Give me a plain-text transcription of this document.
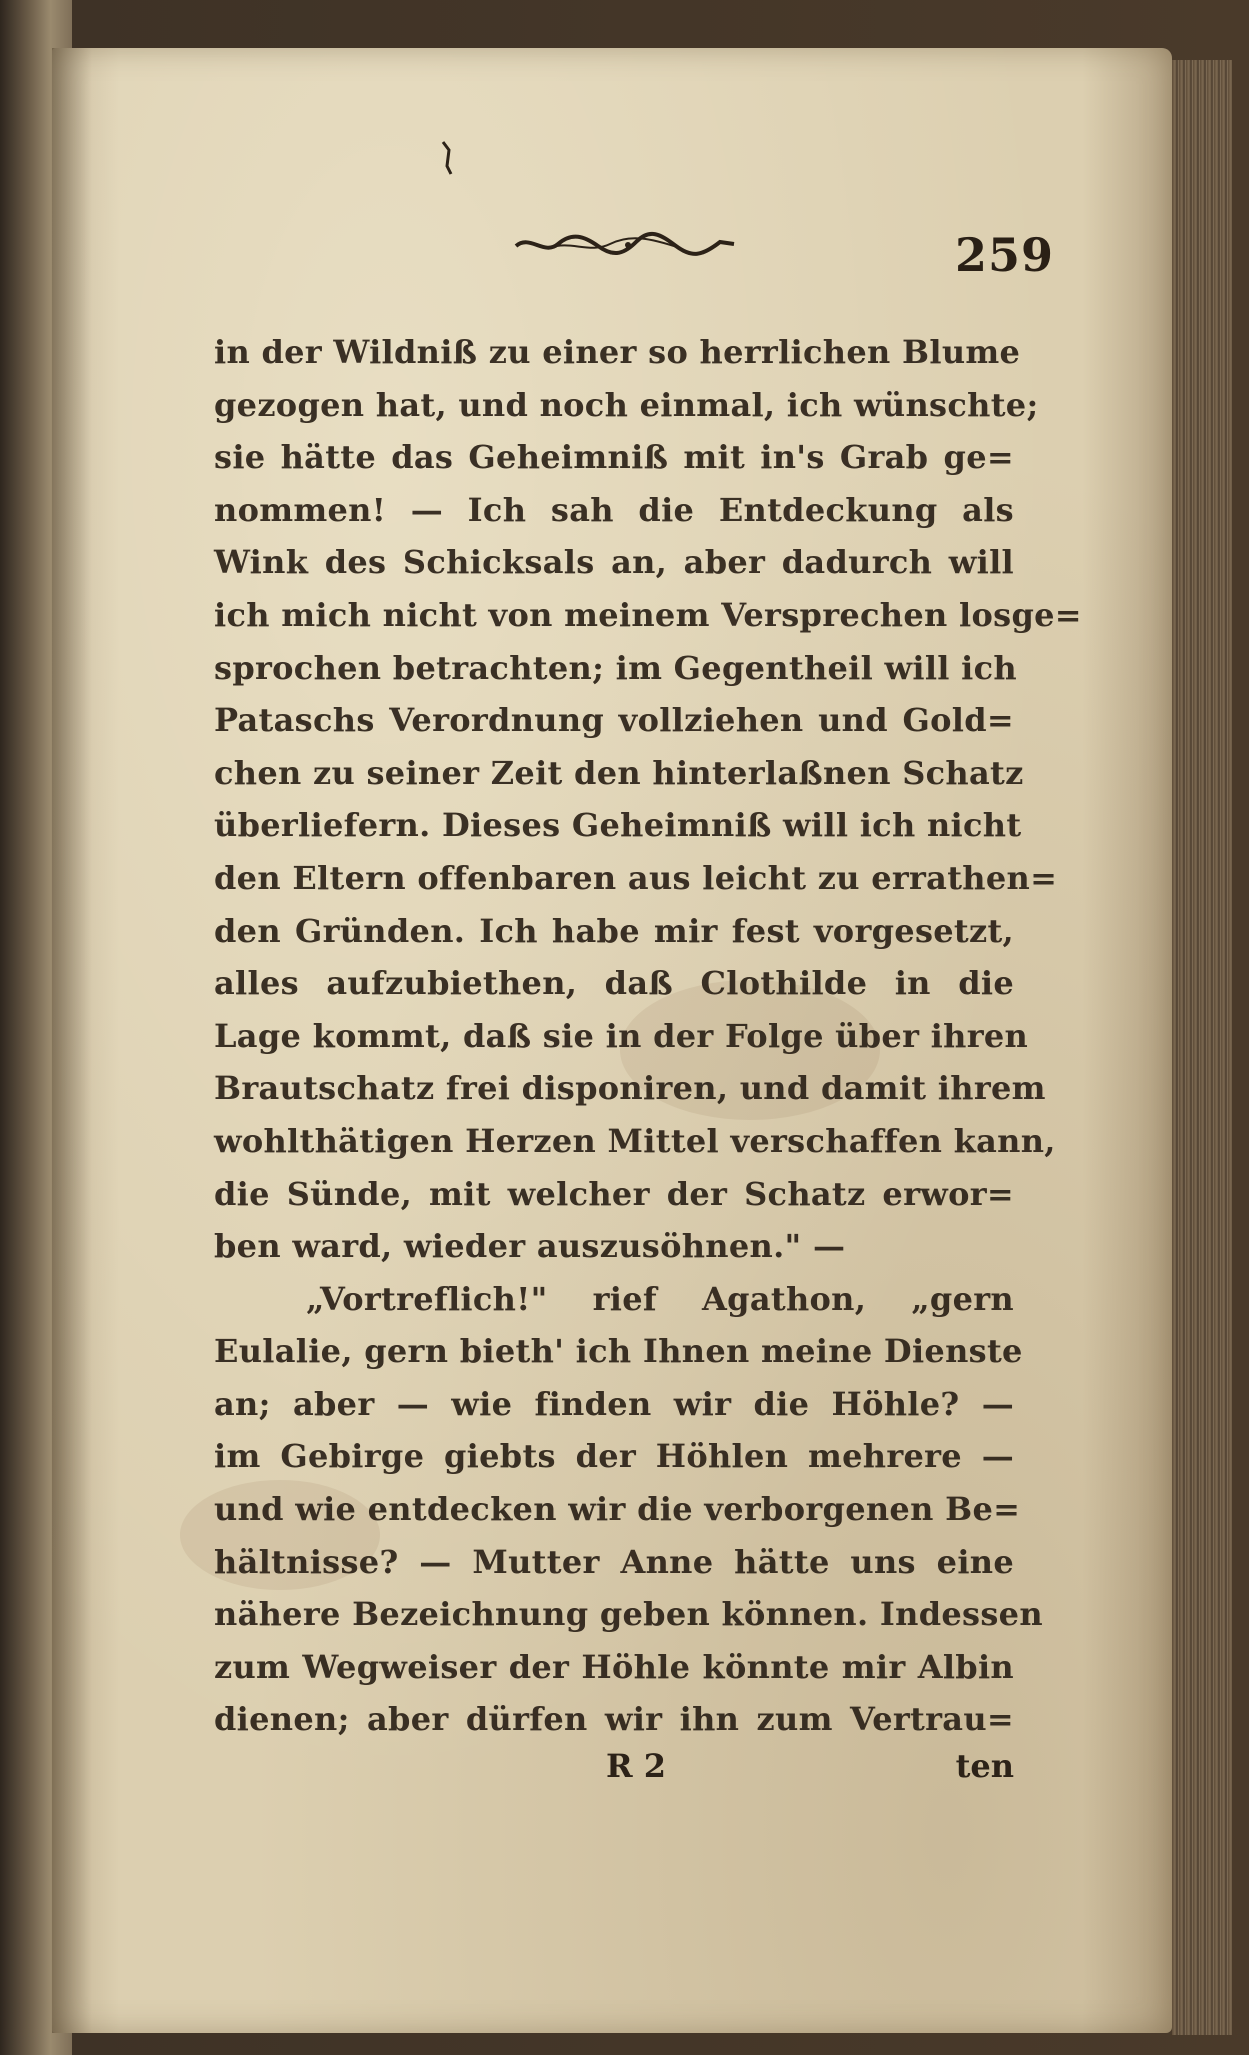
259
in der Wildniß zu einer so herrlichen Blume
gezogen hat, und noch einmal, ich wünschte;
sie hätte das Geheimniß mit in's Grab ge=
nommen! — Ich sah die Entdeckung als
Wink des Schicksals an, aber dadurch will
ich mich nicht von meinem Versprechen losge=
sprochen betrachten; im Gegentheil will ich
Pataschs Verordnung vollziehen und Gold=
chen zu seiner Zeit den hinterlaßnen Schatz
überliefern. Dieses Geheimniß will ich nicht
den Eltern offenbaren aus leicht zu errathen=
den Gründen. Ich habe mir fest vorgesetzt,
alles aufzubiethen, daß Clothilde in die
Lage kommt, daß sie in der Folge über ihren
Brautschatz frei disponiren, und damit ihrem
wohlthätigen Herzen Mittel verschaffen kann,
die Sünde, mit welcher der Schatz erwor=
ben ward, wieder auszusöhnen." —
„Vortreflich!" rief Agathon, „gern
Eulalie, gern bieth' ich Ihnen meine Dienste
an; aber — wie finden wir die Höhle? —
im Gebirge giebts der Höhlen mehrere —
und wie entdecken wir die verborgenen Be=
hältnisse? — Mutter Anne hätte uns eine
nähere Bezeichnung geben können. Indessen
zum Wegweiser der Höhle könnte mir Albin
dienen; aber dürfen wir ihn zum Vertrau=
R 2	ten
